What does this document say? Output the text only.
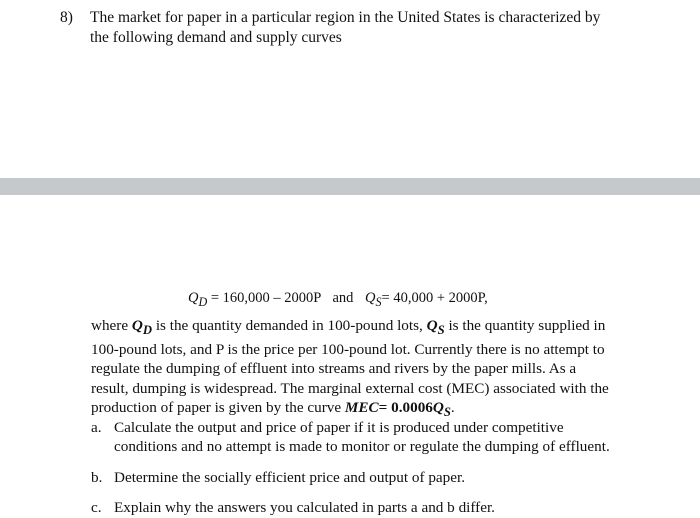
8) The market for paper in a particular region in the United States is characterized by
the following demand and supply curves
$Q_D = 160,000 - 2000P$ and $Q_S= 40,000 + 2000P$,
where $Q_D$ is the quantity demanded in 100-pound lots, $Q_S$ is the quantity supplied in
100-pound lots, and P is the price per 100-pound lot. Currently there is no attempt to
regulate the dumping of effluent into streams and rivers by the paper mills. As a
result, dumping is widespread. The marginal external cost (MEC) associated with the
production of paper is given by the curve $MEC= 0.0006Q_S$.
a. Calculate the output and price of paper if it is produced under competitive
conditions and no attempt is made to monitor or regulate the dumping of effluent.
b. Determine the socially efficient price and output of paper.
c. Explain why the answers you calculated in parts a and b differ.
